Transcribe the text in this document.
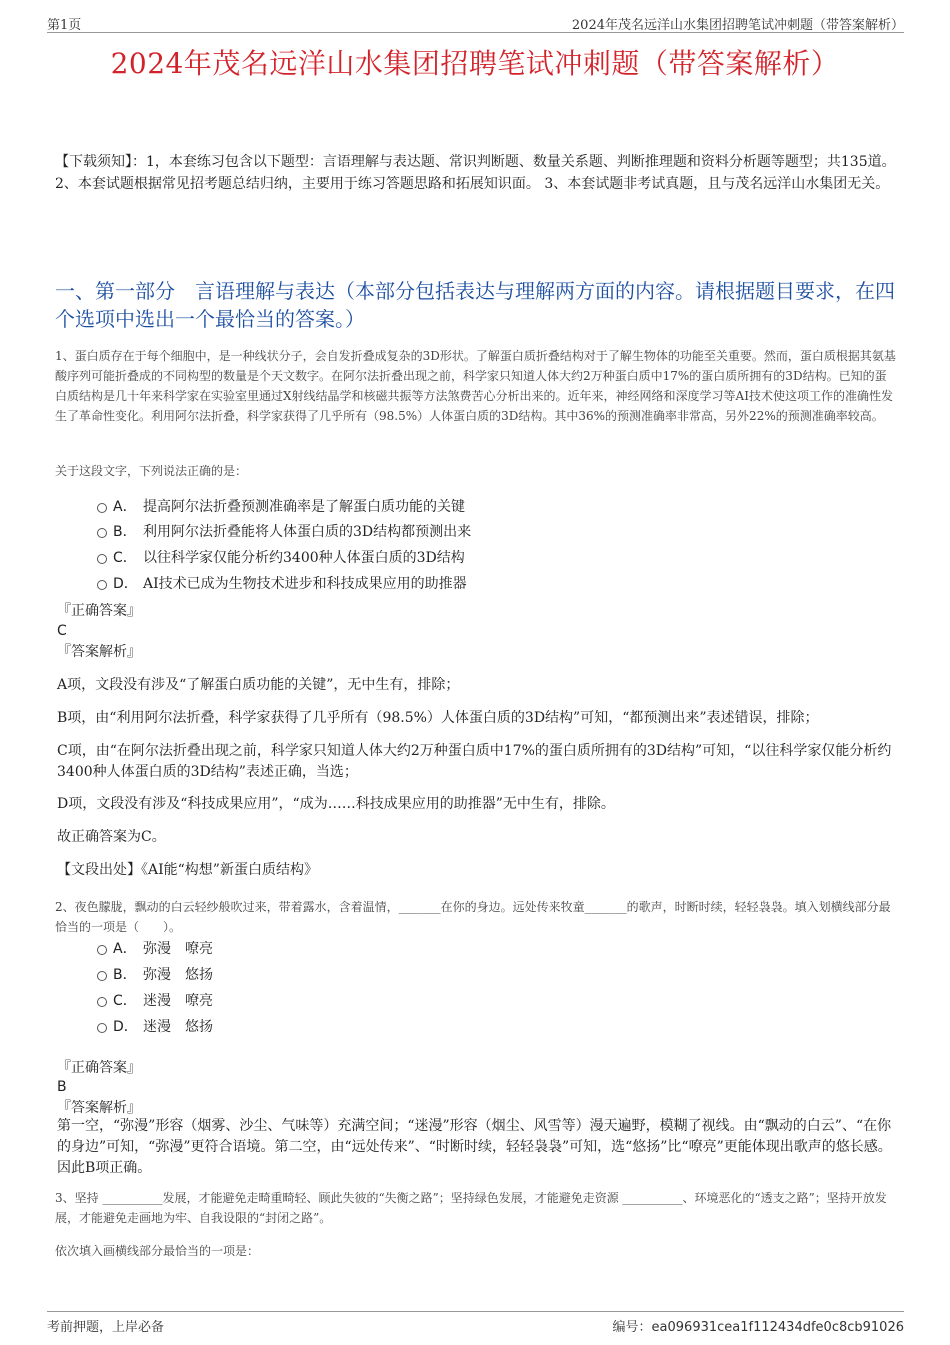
第1页	2024年茂名远洋山水集团招聘笔试冲刺题（带答案解析）
2024年茂名远洋山水集团招聘笔试冲刺题（带答案解析）
【下载须知】：1，本套练习包含以下题型：言语理解与表达题、常识判断题、数量关系题、判断推理题和资料分析题等题型；共135道。 2、本套试题根据常见招考题总结归纳，主要用于练习答题思路和拓展知识面。 3、本套试题非考试真题，且与茂名远洋山水集团无关。
一、第一部分　言语理解与表达（本部分包括表达与理解两方面的内容。请根据题目要求，在四个选项中选出一个最恰当的答案。）
1、蛋白质存在于每个细胞中，是一种线状分子，会自发折叠成复杂的3D形状。了解蛋白质折叠结构对于了解生物体的功能至关重要。然而，蛋白质根据其氨基酸序列可能折叠成的不同构型的数量是个天文数字。在阿尔法折叠出现之前，科学家只知道人体大约2万种蛋白质中17%的蛋白质所拥有的3D结构。已知的蛋白质结构是几十年来科学家在实验室里通过X射线结晶学和核磁共振等方法煞费苦心分析出来的。近年来，神经网络和深度学习等AI技术使这项工作的准确性发生了革命性变化。利用阿尔法折叠，科学家获得了几乎所有（98.5%）人体蛋白质的3D结构。其中36%的预测准确率非常高，另外22%的预测准确率较高。
关于这段文字，下列说法正确的是：
A． 提高阿尔法折叠预测准确率是了解蛋白质功能的关键
B． 利用阿尔法折叠能将人体蛋白质的3D结构都预测出来
C． 以往科学家仅能分析约3400种人体蛋白质的3D结构
D． AI技术已成为生物技术进步和科技成果应用的助推器
『正确答案』
C
『答案解析』
A项，文段没有涉及“了解蛋白质功能的关键”，无中生有，排除；
B项，由“利用阿尔法折叠，科学家获得了几乎所有（98.5%）人体蛋白质的3D结构”可知，“都预测出来”表述错误，排除；
C项，由“在阿尔法折叠出现之前，科学家只知道人体大约2万种蛋白质中17%的蛋白质所拥有的3D结构”可知，“以往科学家仅能分析约3400种人体蛋白质的3D结构”表述正确，当选；
D项，文段没有涉及“科技成果应用”，“成为……科技成果应用的助推器”无中生有，排除。
故正确答案为C。
【文段出处】《AI能“构想”新蛋白质结构》
2、夜色朦胧，飘动的白云轻纱般吹过来，带着露水，含着温情，_______在你的身边。远处传来牧童_______的歌声，时断时续，轻轻袅袅。填入划横线部分最恰当的一项是（　　）。
A． 弥漫　嘹亮
B． 弥漫　悠扬
C． 迷漫　嘹亮
D． 迷漫　悠扬
『正确答案』
B
『答案解析』
第一空，“弥漫”形容（烟雾、沙尘、气味等）充满空间；“迷漫”形容（烟尘、风雪等）漫天遍野，模糊了视线。由“飘动的白云”、“在你的身边”可知，“弥漫”更符合语境。第二空，由“远处传来”、“时断时续，轻轻袅袅”可知，选“悠扬”比“嘹亮”更能体现出歌声的悠长感。因此B项正确。
3、坚持 __________发展，才能避免走畸重畸轻、顾此失彼的“失衡之路”；坚持绿色发展，才能避免走资源 __________、环境恶化的“透支之路”；坚持开放发展，才能避免走画地为牢、自我设限的“封闭之路”。
依次填入画横线部分最恰当的一项是：
考前押题，上岸必备	编号：ea096931cea1f112434dfe0c8cb91026
